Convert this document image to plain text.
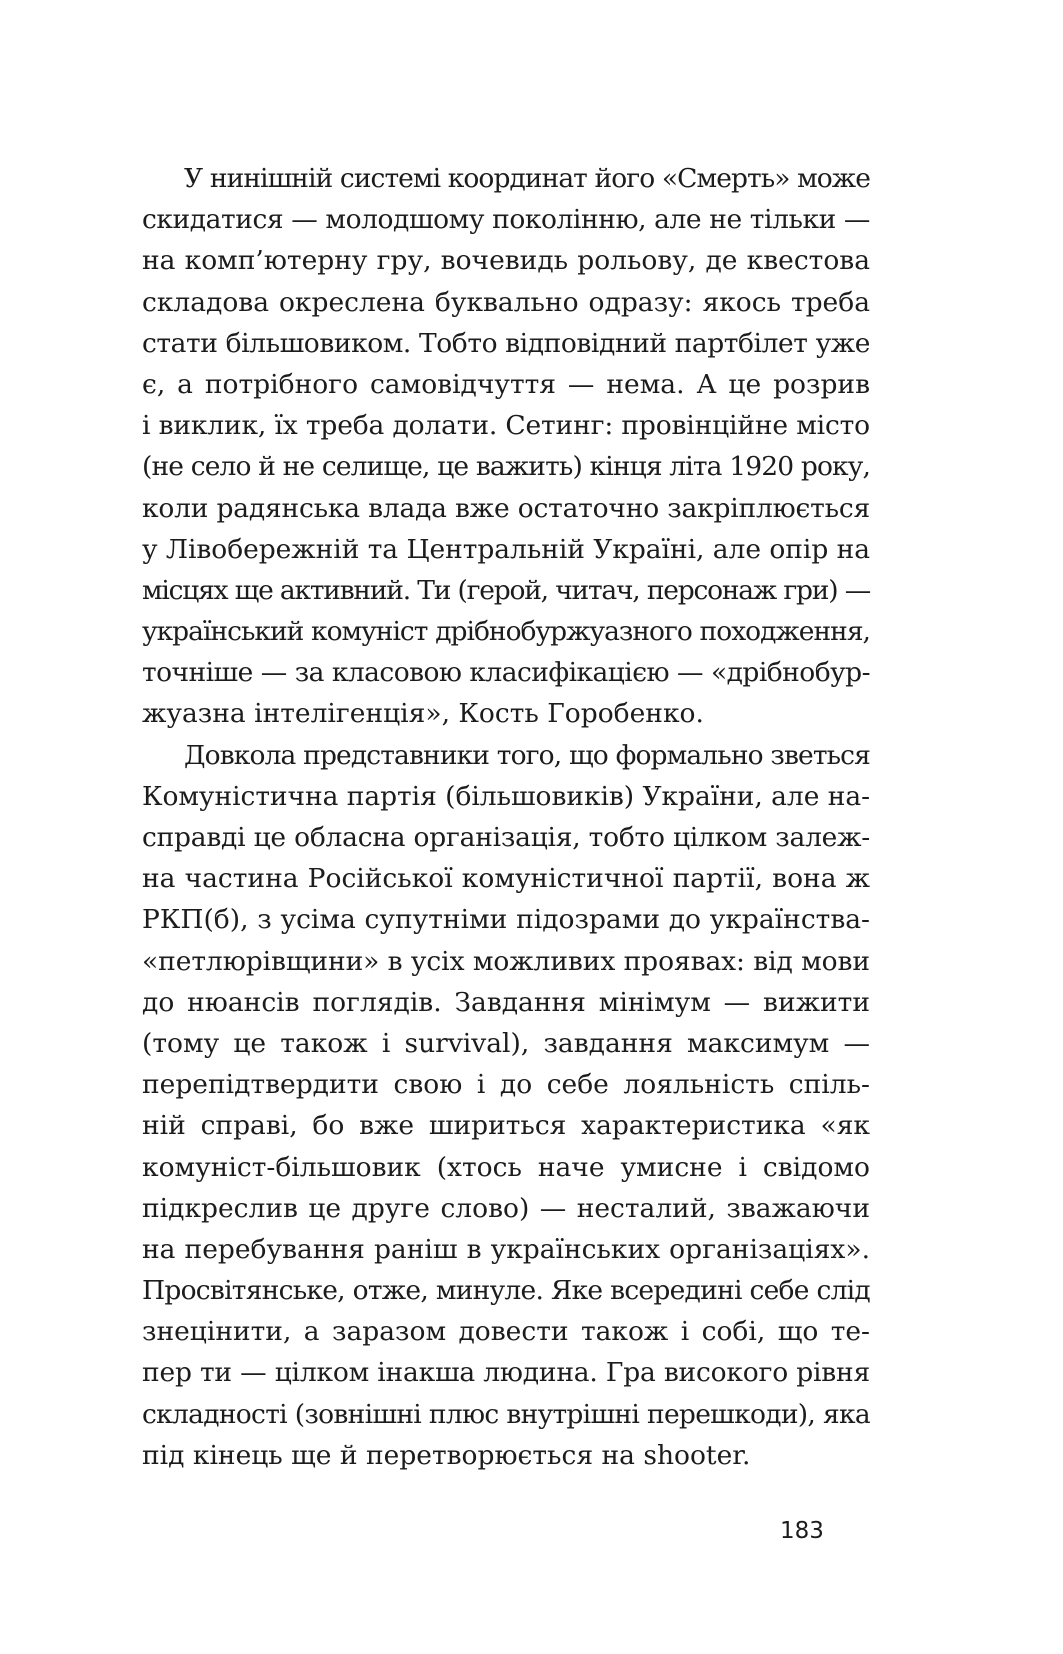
У нинішній системі координат його «Смерть» може
скидатися — молодшому поколінню, але не тільки —
на комп’ютерну гру, вочевидь рольову, де квестова
складова окреслена буквально одразу: якось треба
стати більшовиком. Тобто відповідний партбілет уже
є, а потрібного самовідчуття — нема. А це розрив
і виклик, їх треба долати. Сетинг: провінційне місто
(не село й не селище, це важить) кінця літа 1920 року,
коли радянська влада вже остаточно закріплюється
у Лівобережній та Центральній Україні, але опір на
місцях ще активний. Ти (герой, читач, персонаж гри) —
український комуніст дрібнобуржуазного походження,
точніше — за класовою класифікацією — «дрібнобур-
жуазна інтелігенція», Кость Горобенко.
Довкола представники того, що формально зветься
Комуністична партія (більшовиків) України, але на-
справді це обласна організація, тобто цілком залеж-
на частина Російської комуністичної партії, вона ж
РКП(б), з усіма супутніми підозрами до українства-
«петлюрівщини» в усіх можливих проявах: від мови
до нюансів поглядів. Завдання мінімум — вижити
(тому це також і survival), завдання максимум —
перепідтвердити свою і до себе лояльність спіль-
ній справі, бо вже шириться характеристика «як
комуніст-більшовик (хтось наче умисне і свідомо
підкреслив це друге слово) — несталий, зважаючи
на перебування раніш в українських організаціях».
Просвітянське, отже, минуле. Яке всередині себе слід
знецінити, а заразом довести також і собі, що те-
пер ти — цілком інакша людина. Гра високого рівня
складності (зовнішні плюс внутрішні перешкоди), яка
під кінець ще й перетворюється на shooter.
183
